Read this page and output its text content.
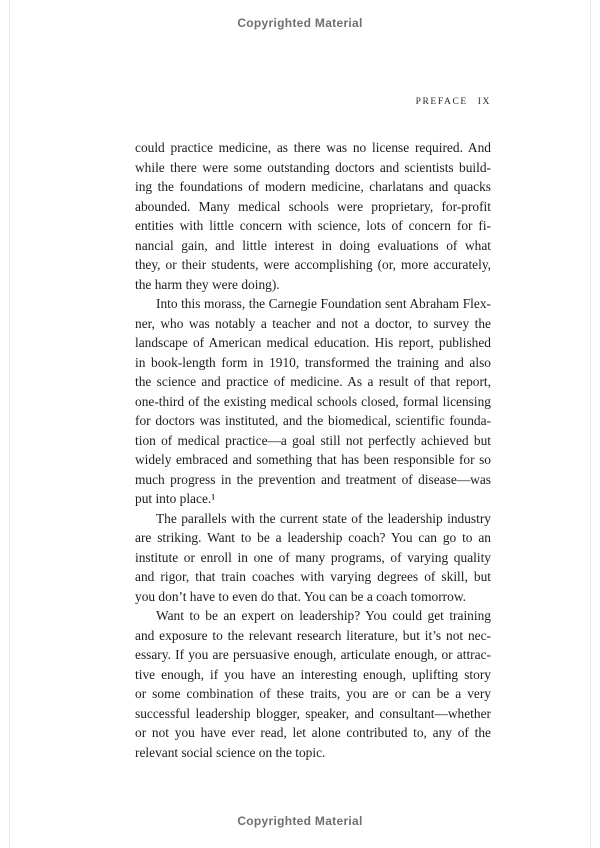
Copyrighted Material
PREFACE IX
could practice medicine, as there was no license required. And
while there were some outstanding doctors and scientists build-
ing the foundations of modern medicine, charlatans and quacks
abounded. Many medical schools were proprietary, for-profit
entities with little concern with science, lots of concern for fi-
nancial gain, and little interest in doing evaluations of what
they, or their students, were accomplishing (or, more accurately,
the harm they were doing).
Into this morass, the Carnegie Foundation sent Abraham Flex-
ner, who was notably a teacher and not a doctor, to survey the
landscape of American medical education. His report, published
in book-length form in 1910, transformed the training and also
the science and practice of medicine. As a result of that report,
one-third of the existing medical schools closed, formal licensing
for doctors was instituted, and the biomedical, scientific founda-
tion of medical practice—a goal still not perfectly achieved but
widely embraced and something that has been responsible for so
much progress in the prevention and treatment of disease—was
put into place.¹
The parallels with the current state of the leadership industry
are striking. Want to be a leadership coach? You can go to an
institute or enroll in one of many programs, of varying quality
and rigor, that train coaches with varying degrees of skill, but
you don’t have to even do that. You can be a coach tomorrow.
Want to be an expert on leadership? You could get training
and exposure to the relevant research literature, but it’s not nec-
essary. If you are persuasive enough, articulate enough, or attrac-
tive enough, if you have an interesting enough, uplifting story
or some combination of these traits, you are or can be a very
successful leadership blogger, speaker, and consultant—whether
or not you have ever read, let alone contributed to, any of the
relevant social science on the topic.
Copyrighted Material
